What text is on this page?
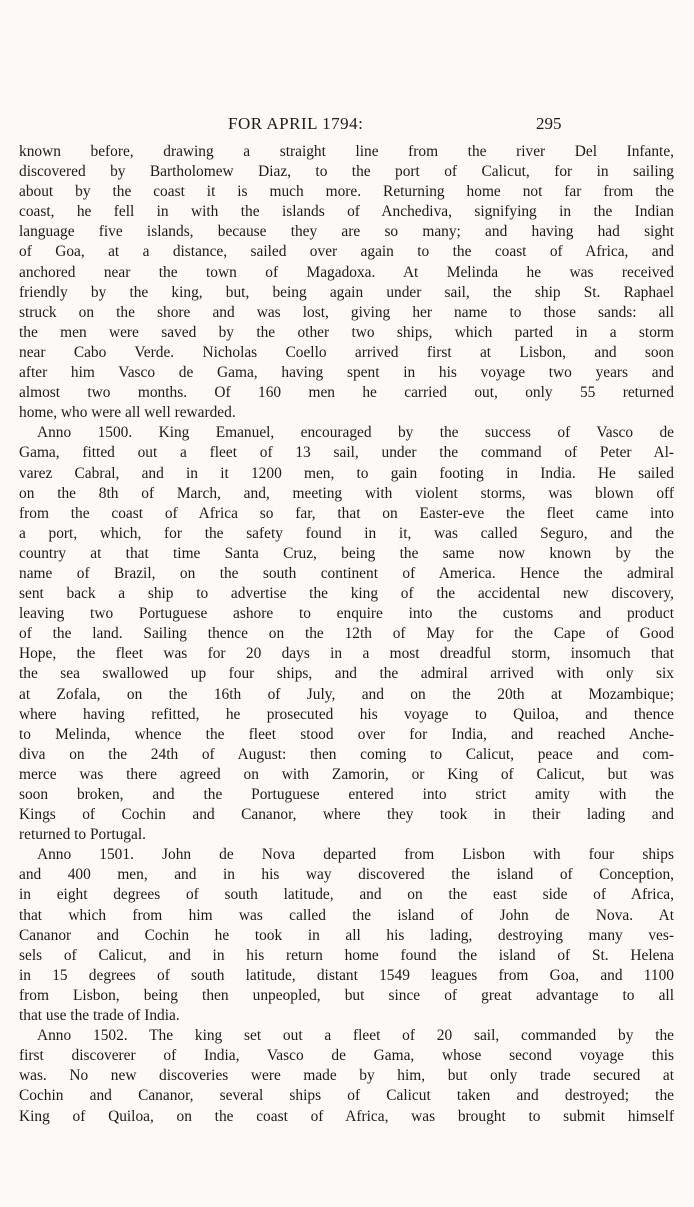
FOR APRIL 1794:	295
known before, drawing a straight line from the river Del Infante,
discovered by Bartholomew Diaz, to the port of Calicut, for in sailing
about by the coast it is much more. Returning home not far from the
coast, he fell in with the islands of Anchediva, signifying in the Indian
language five islands, because they are so many; and having had sight
of Goa, at a distance, sailed over again to the coast of Africa, and
anchored near the town of Magadoxa. At Melinda he was received
friendly by the king, but, being again under sail, the ship St. Raphael
struck on the shore and was lost, giving her name to those sands: all
the men were saved by the other two ships, which parted in a storm
near Cabo Verde. Nicholas Coello arrived first at Lisbon, and soon
after him Vasco de Gama, having spent in his voyage two years and
almost two months. Of 160 men he carried out, only 55 returned
home, who were all well rewarded.
Anno 1500. King Emanuel, encouraged by the success of Vasco de
Gama, fitted out a fleet of 13 sail, under the command of Peter Al-
varez Cabral, and in it 1200 men, to gain footing in India. He sailed
on the 8th of March, and, meeting with violent storms, was blown off
from the coast of Africa so far, that on Easter-eve the fleet came into
a port, which, for the safety found in it, was called Seguro, and the
country at that time Santa Cruz, being the same now known by the
name of Brazil, on the south continent of America. Hence the admiral
sent back a ship to advertise the king of the accidental new discovery,
leaving two Portuguese ashore to enquire into the customs and product
of the land. Sailing thence on the 12th of May for the Cape of Good
Hope, the fleet was for 20 days in a most dreadful storm, insomuch that
the sea swallowed up four ships, and the admiral arrived with only six
at Zofala, on the 16th of July, and on the 20th at Mozambique;
where having refitted, he prosecuted his voyage to Quiloa, and thence
to Melinda, whence the fleet stood over for India, and reached Anche-
diva on the 24th of August: then coming to Calicut, peace and com-
merce was there agreed on with Zamorin, or King of Calicut, but was
soon broken, and the Portuguese entered into strict amity with the
Kings of Cochin and Cananor, where they took in their lading and
returned to Portugal.
Anno 1501. John de Nova departed from Lisbon with four ships
and 400 men, and in his way discovered the island of Conception,
in eight degrees of south latitude, and on the east side of Africa,
that which from him was called the island of John de Nova. At
Cananor and Cochin he took in all his lading, destroying many ves-
sels of Calicut, and in his return home found the island of St. Helena
in 15 degrees of south latitude, distant 1549 leagues from Goa, and 1100
from Lisbon, being then unpeopled, but since of great advantage to all
that use the trade of India.
Anno 1502. The king set out a fleet of 20 sail, commanded by the
first discoverer of India, Vasco de Gama, whose second voyage this
was. No new discoveries were made by him, but only trade secured at
Cochin and Cananor, several ships of Calicut taken and destroyed; the
King of Quiloa, on the coast of Africa, was brought to submit himself
